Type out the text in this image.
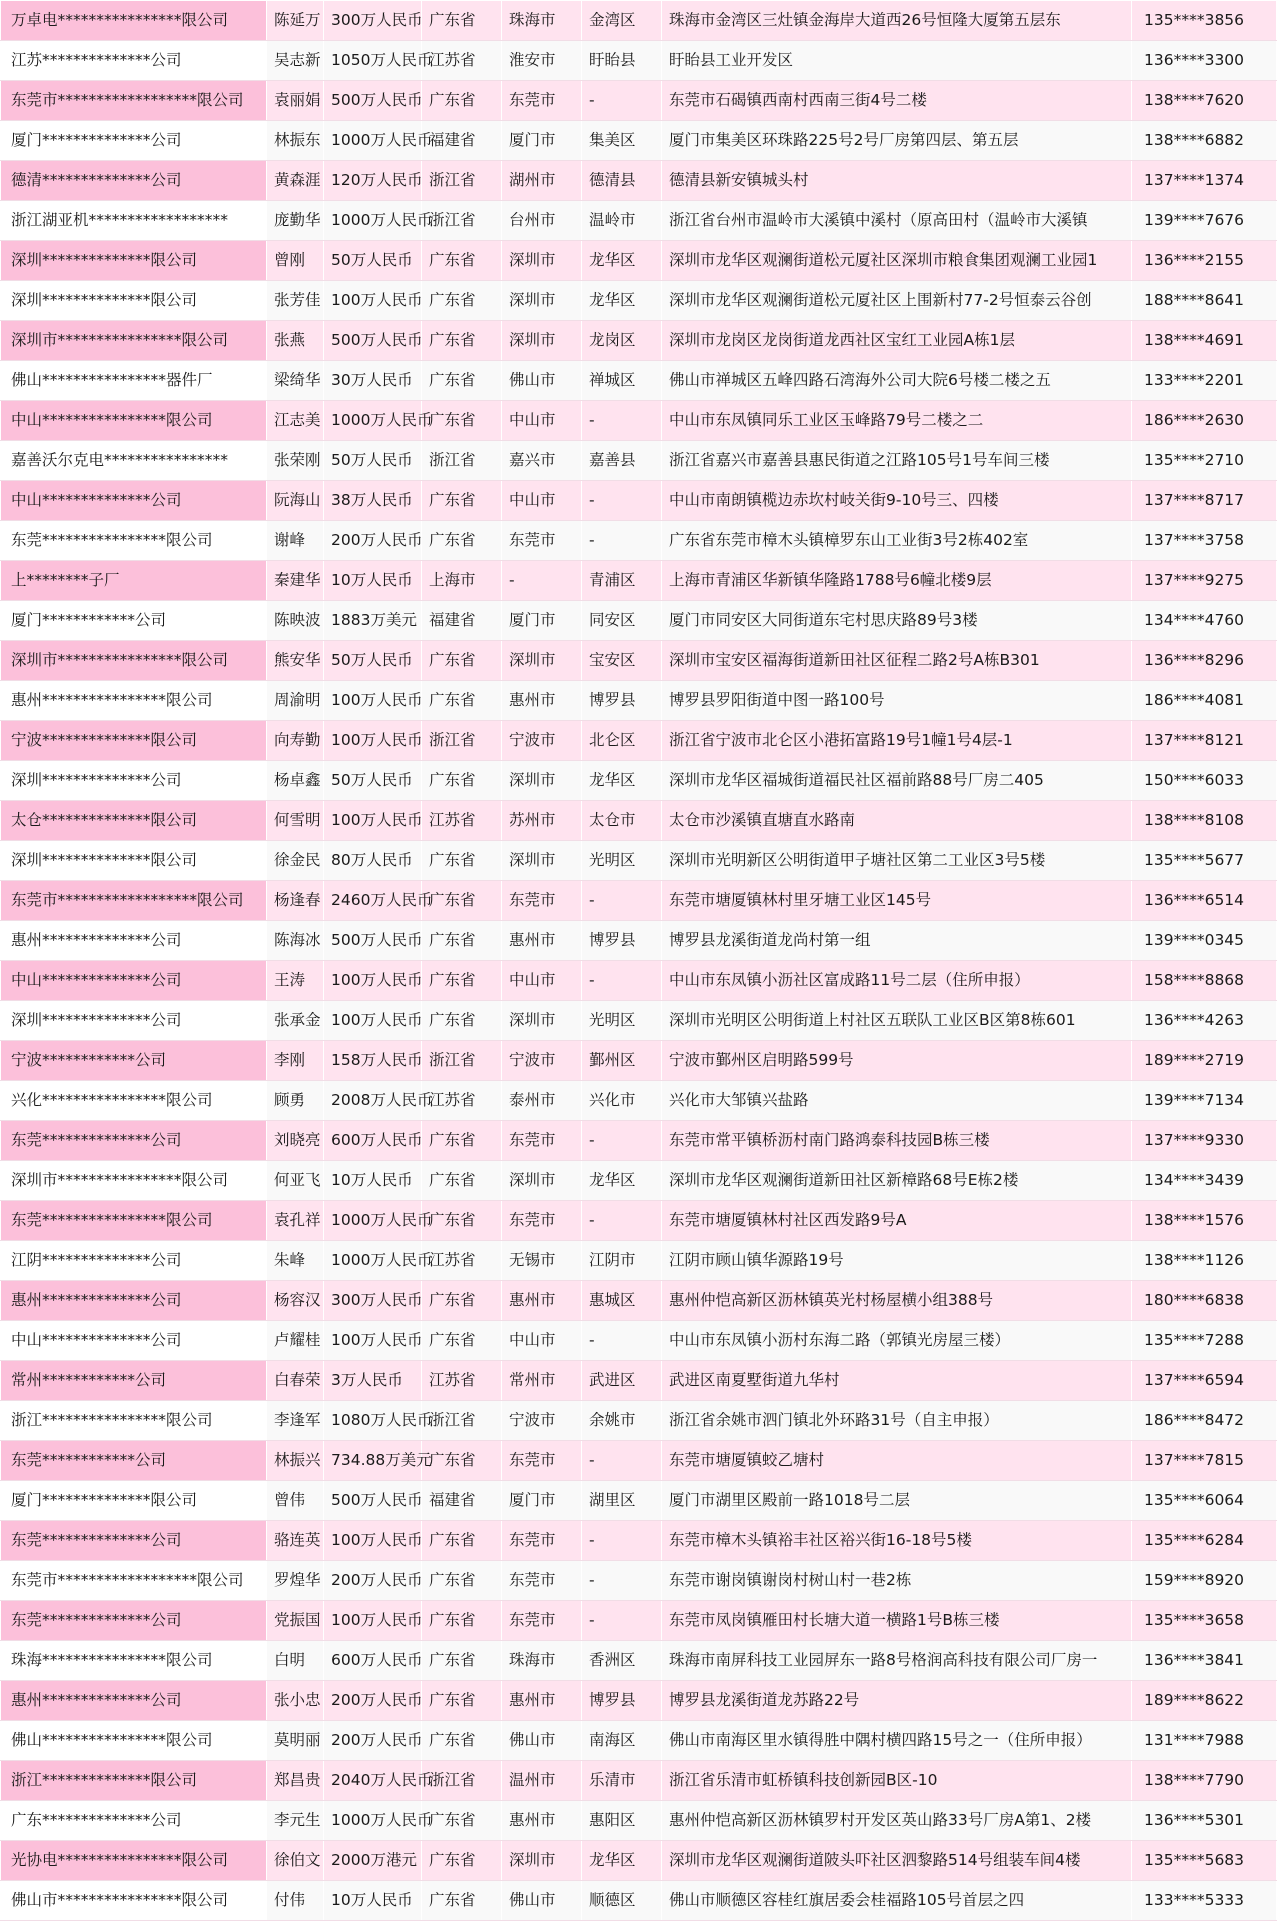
万卓电****************限公司	陈延万	300万人民币	广东省	珠海市	金湾区	珠海市金湾区三灶镇金海岸大道西26号恒隆大厦第五层东	135****3856
江苏**************公司	吴志新	1050万人民币	江苏省	淮安市	盱眙县	盱眙县工业开发区	136****3300
东莞市******************限公司	袁丽娟	500万人民币	广东省	东莞市	-	东莞市石碣镇西南村西南三街4号二楼	138****7620
厦门**************公司	林振东	1000万人民币	福建省	厦门市	集美区	厦门市集美区环珠路225号2号厂房第四层、第五层	138****6882
德清**************公司	黄森涯	120万人民币	浙江省	湖州市	德清县	德清县新安镇城头村	137****1374
浙江湖亚机******************	庞勤华	1000万人民币	浙江省	台州市	温岭市	浙江省台州市温岭市大溪镇中溪村（原高田村（温岭市大溪镇	139****7676
深圳**************限公司	曾刚	50万人民币	广东省	深圳市	龙华区	深圳市龙华区观澜街道松元厦社区深圳市粮食集团观澜工业园1	136****2155
深圳**************限公司	张芳佳	100万人民币	广东省	深圳市	龙华区	深圳市龙华区观澜街道松元厦社区上围新村77-2号恒泰云谷创	188****8641
深圳市****************限公司	张燕	500万人民币	广东省	深圳市	龙岗区	深圳市龙岗区龙岗街道龙西社区宝红工业园A栋1层	138****4691
佛山****************器件厂	梁绮华	30万人民币	广东省	佛山市	禅城区	佛山市禅城区五峰四路石湾海外公司大院6号楼二楼之五	133****2201
中山****************限公司	江志美	1000万人民币	广东省	中山市	-	中山市东凤镇同乐工业区玉峰路79号二楼之二	186****2630
嘉善沃尔克电****************	张荣刚	50万人民币	浙江省	嘉兴市	嘉善县	浙江省嘉兴市嘉善县惠民街道之江路105号1号车间三楼	135****2710
中山**************公司	阮海山	38万人民币	广东省	中山市	-	中山市南朗镇榄边赤坎村岐关街9-10号三、四楼	137****8717
东莞****************限公司	谢峰	200万人民币	广东省	东莞市	-	广东省东莞市樟木头镇樟罗东山工业街3号2栋402室	137****3758
上********子厂	秦建华	10万人民币	上海市	-	青浦区	上海市青浦区华新镇华隆路1788号6幢北楼9层	137****9275
厦门************公司	陈映波	1883万美元	福建省	厦门市	同安区	厦门市同安区大同街道东宅村思庆路89号3楼	134****4760
深圳市****************限公司	熊安华	50万人民币	广东省	深圳市	宝安区	深圳市宝安区福海街道新田社区征程二路2号A栋B301	136****8296
惠州****************限公司	周渝明	100万人民币	广东省	惠州市	博罗县	博罗县罗阳街道中图一路100号	186****4081
宁波**************限公司	向寿勤	100万人民币	浙江省	宁波市	北仑区	浙江省宁波市北仑区小港拓富路19号1幢1号4层-1	137****8121
深圳**************公司	杨卓鑫	50万人民币	广东省	深圳市	龙华区	深圳市龙华区福城街道福民社区福前路88号厂房二405	150****6033
太仓**************限公司	何雪明	100万人民币	江苏省	苏州市	太仓市	太仓市沙溪镇直塘直水路南	138****8108
深圳**************限公司	徐金民	80万人民币	广东省	深圳市	光明区	深圳市光明新区公明街道甲子塘社区第二工业区3号5楼	135****5677
东莞市******************限公司	杨逢春	2460万人民币	广东省	东莞市	-	东莞市塘厦镇林村里牙塘工业区145号	136****6514
惠州**************公司	陈海冰	500万人民币	广东省	惠州市	博罗县	博罗县龙溪街道龙尚村第一组	139****0345
中山**************公司	王涛	100万人民币	广东省	中山市	-	中山市东凤镇小沥社区富成路11号二层（住所申报）	158****8868
深圳**************公司	张承金	100万人民币	广东省	深圳市	光明区	深圳市光明区公明街道上村社区五联队工业区B区第8栋601	136****4263
宁波************公司	李刚	158万人民币	浙江省	宁波市	鄞州区	宁波市鄞州区启明路599号	189****2719
兴化****************限公司	顾勇	2008万人民币	江苏省	泰州市	兴化市	兴化市大邹镇兴盐路	139****7134
东莞**************公司	刘晓亮	600万人民币	广东省	东莞市	-	东莞市常平镇桥沥村南门路鸿泰科技园B栋三楼	137****9330
深圳市****************限公司	何亚飞	10万人民币	广东省	深圳市	龙华区	深圳市龙华区观澜街道新田社区新樟路68号E栋2楼	134****3439
东莞****************限公司	袁孔祥	1000万人民币	广东省	东莞市	-	东莞市塘厦镇林村社区西发路9号A	138****1576
江阴**************公司	朱峰	1000万人民币	江苏省	无锡市	江阴市	江阴市顾山镇华源路19号	138****1126
惠州**************公司	杨容汉	300万人民币	广东省	惠州市	惠城区	惠州仲恺高新区沥林镇英光村杨屋横小组388号	180****6838
中山**************公司	卢耀桂	100万人民币	广东省	中山市	-	中山市东凤镇小沥村东海二路（郭镇光房屋三楼）	135****7288
常州************公司	白春荣	3万人民币	江苏省	常州市	武进区	武进区南夏墅街道九华村	137****6594
浙江****************限公司	李逢军	1080万人民币	浙江省	宁波市	余姚市	浙江省余姚市泗门镇北外环路31号（自主申报）	186****8472
东莞************公司	林振兴	734.88万美元	广东省	东莞市	-	东莞市塘厦镇蛟乙塘村	137****7815
厦门**************限公司	曾伟	500万人民币	福建省	厦门市	湖里区	厦门市湖里区殿前一路1018号二层	135****6064
东莞**************公司	骆连英	100万人民币	广东省	东莞市	-	东莞市樟木头镇裕丰社区裕兴街16-18号5楼	135****6284
东莞市******************限公司	罗煌华	200万人民币	广东省	东莞市	-	东莞市谢岗镇谢岗村树山村一巷2栋	159****8920
东莞**************公司	党振国	100万人民币	广东省	东莞市	-	东莞市凤岗镇雁田村长塘大道一横路1号B栋三楼	135****3658
珠海****************限公司	白明	600万人民币	广东省	珠海市	香洲区	珠海市南屏科技工业园屏东一路8号格润高科技有限公司厂房一	136****3841
惠州**************公司	张小忠	200万人民币	广东省	惠州市	博罗县	博罗县龙溪街道龙苏路22号	189****8622
佛山****************限公司	莫明丽	200万人民币	广东省	佛山市	南海区	佛山市南海区里水镇得胜中隅村横四路15号之一（住所申报）	131****7988
浙江**************限公司	郑昌贵	2040万人民币	浙江省	温州市	乐清市	浙江省乐清市虹桥镇科技创新园B区-10	138****7790
广东**************公司	李元生	1000万人民币	广东省	惠州市	惠阳区	惠州仲恺高新区沥林镇罗村开发区英山路33号厂房A第1、2楼	136****5301
光协电****************限公司	徐伯文	2000万港元	广东省	深圳市	龙华区	深圳市龙华区观澜街道陂头吓社区泗黎路514号组装车间4楼	135****5683
佛山市****************限公司	付伟	10万人民币	广东省	佛山市	顺德区	佛山市顺德区容桂红旗居委会桂福路105号首层之四	133****5333
